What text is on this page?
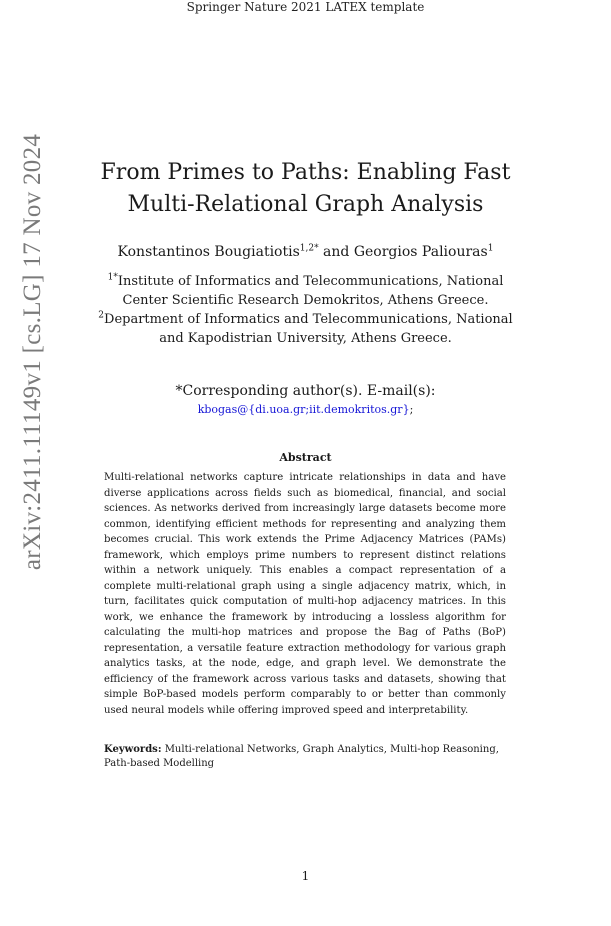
Springer Nature 2021 LATEX template
arXiv:2411.11149v1 [cs.LG] 17 Nov 2024	From Primes to Paths: Enabling Fast
Multi-Relational Graph Analysis
Konstantinos Bougiatiotis$^{1,2*}$ and Georgios Paliouras$^1$

$^{1*}$Institute of Informatics and Telecommunications, National Center Scientific Research Demokritos, Athens Greece.

$^2$Department of Informatics and Telecommunications, National and Kapodistrian University, Athens Greece.

*Corresponding author(s). E-mail(s):
kbogas@{di.uoa.gr;iit.demokritos.gr};
Abstract
Multi-relational networks capture intricate relationships in data and have diverse applications across fields such as biomedical, financial, and social sciences. As networks derived from increasingly large datasets become more common, identifying efficient methods for representing and analyzing them becomes crucial. This work extends the Prime Adjacency Matrices (PAMs) framework, which employs prime numbers to represent distinct relations within a network uniquely. This enables a compact representation of a complete multi-relational graph using a single adjacency matrix, which, in turn, facilitates quick computation of multi-hop adjacency matrices. In this work, we enhance the framework by introducing a lossless algorithm for calculating the multi-hop matrices and propose the Bag of Paths (BoP) representation, a versatile feature extraction methodology for various graph analytics tasks, at the node, edge, and graph level. We demonstrate the efficiency of the framework across various tasks and datasets, showing that simple BoP-based models perform comparably to or better than commonly used neural models while offering improved speed and interpretability.
Keywords: Multi-relational Networks, Graph Analytics, Multi-hop Reasoning, Path-based Modelling
1
